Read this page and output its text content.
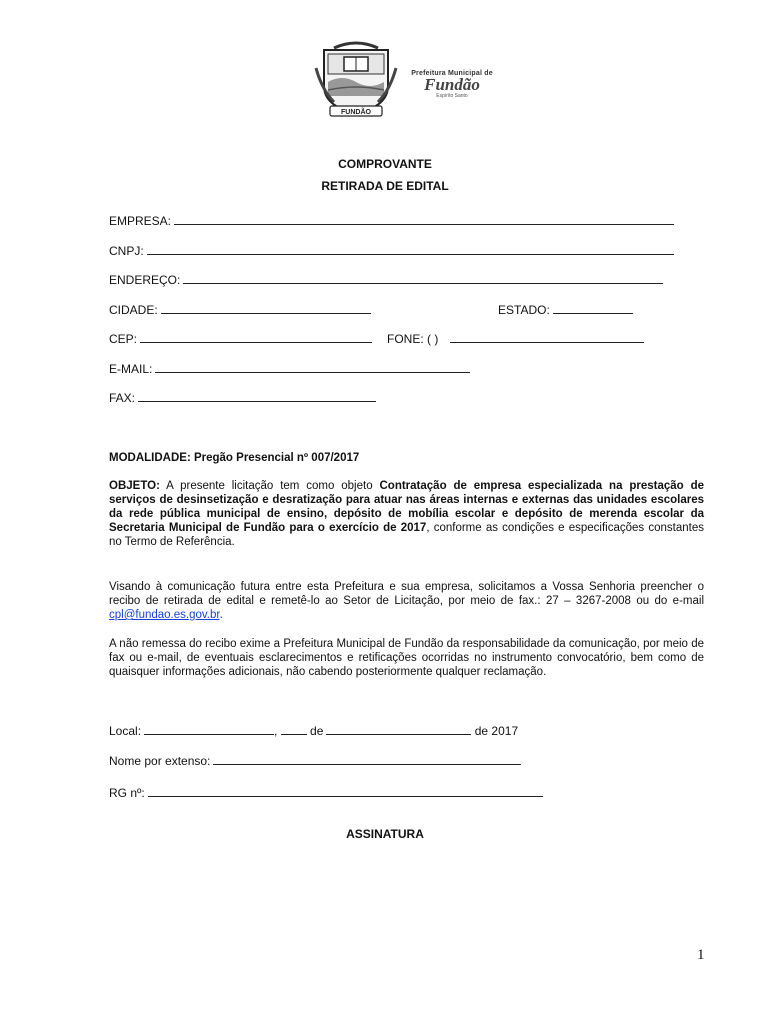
FUNDÃO
Prefeitura Municipal de
Fundão
Espírito Santo
COMPROVANTE
RETIRADA DE EDITAL
EMPRESA:
CNPJ:
ENDEREÇO:
CIDADE:	ESTADO:
CEP:	FONE: ( )
E-MAIL:
FAX:
MODALIDADE: Pregão Presencial nº 007/2017
OBJETO: A presente licitação tem como objeto Contratação de empresa especializada na prestação de serviços de desinsetização e desratização para atuar nas áreas internas e externas das unidades escolares da rede pública municipal de ensino, depósito de mobília escolar e depósito de merenda escolar da Secretaria Municipal de Fundão para o exercício de 2017, conforme as condições e especificações constantes no Termo de Referência.
Visando à comunicação futura entre esta Prefeitura e sua empresa, solicitamos a Vossa Senhoria preencher o recibo de retirada de edital e remetê-lo ao Setor de Licitação, por meio de fax.: 27 – 3267-2008 ou do e-mail cpl@fundao.es.gov.br.
A não remessa do recibo exime a Prefeitura Municipal de Fundão da responsabilidade da comunicação, por meio de fax ou e-mail, de eventuais esclarecimentos e retificações ocorridas no instrumento convocatório, bem como de quaisquer informações adicionais, não cabendo posteriormente qualquer reclamação.
Local:	,  de	de 2017
Nome por extenso:
RG nº:
ASSINATURA
1
